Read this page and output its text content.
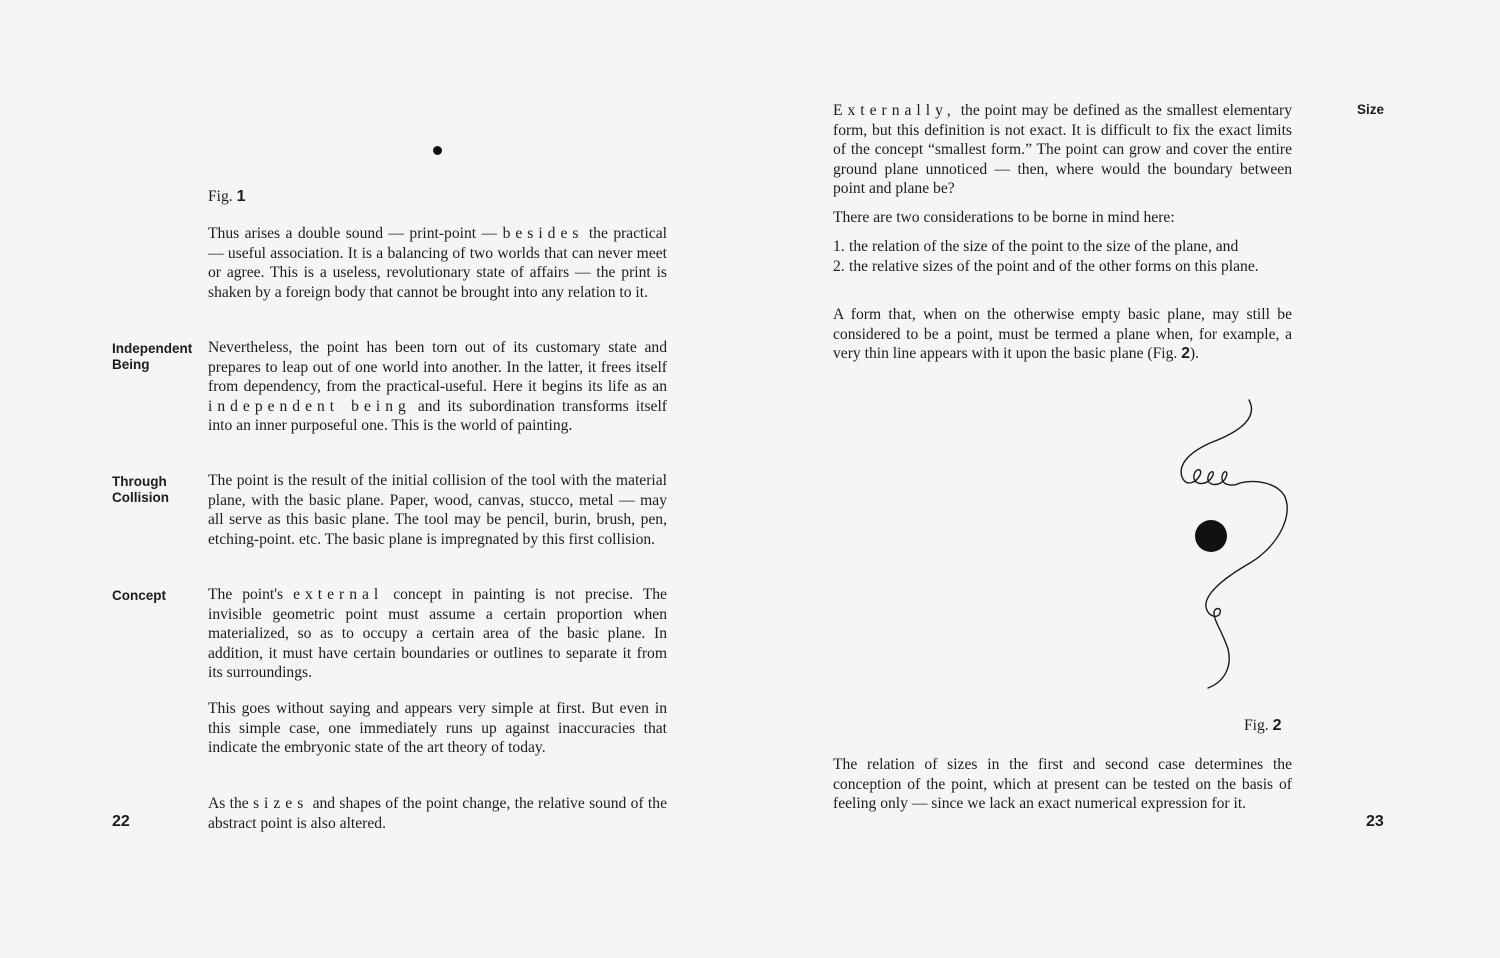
Fig. 1

Thus arises a double sound — print-point — besides the practical — useful association. It is a balancing of two worlds that can never meet or agree. This is a useless, revolutionary state of affairs — the print is shaken by a foreign body that cannot be brought into any relation to it.

Independent Being

Nevertheless, the point has been torn out of its customary state and prepares to leap out of one world into another. In the latter, it frees itself from dependency, from the practical-useful. Here it begins its life as an independent being and its subordination transforms itself into an inner purposeful one. This is the world of painting.

Through Collision

The point is the result of the initial collision of the tool with the material plane, with the basic plane. Paper, wood, canvas, stucco, metal — may all serve as this basic plane. The tool may be pencil, burin, brush, pen, etching-point. etc. The basic plane is impregnated by this first collision.

Concept	The point's external concept in painting is not precise. The invisible geometric point must assume a certain proportion when materialized, so as to occupy a certain area of the basic plane. In addition, it must have certain boundaries or outlines to separate it from its surroundings.

This goes without saying and appears very simple at first. But even in this simple case, one immediately runs up against inaccuracies that indicate the embryonic state of the art theory of today.

As the sizes and shapes of the point change, the relative sound of the abstract point is also altered.

22
Size

Externally, the point may be defined as the smallest elementary form, but this definition is not exact. It is difficult to fix the exact limits of the concept “smallest form.” The point can grow and cover the entire ground plane unnoticed — then, where would the boundary between point and plane be?

There are two considerations to be borne in mind here:

1. the relation of the size of the point to the size of the plane, and
2. the relative sizes of the point and of the other forms on this plane.

A form that, when on the otherwise empty basic plane, may still be considered to be a point, must be termed a plane when, for example, a very thin line appears with it upon the basic plane (Fig. 2).

Fig. 2

The relation of sizes in the first and second case determines the conception of the point, which at present can be tested on the basis of feeling only — since we lack an exact numerical expression for it.

23
